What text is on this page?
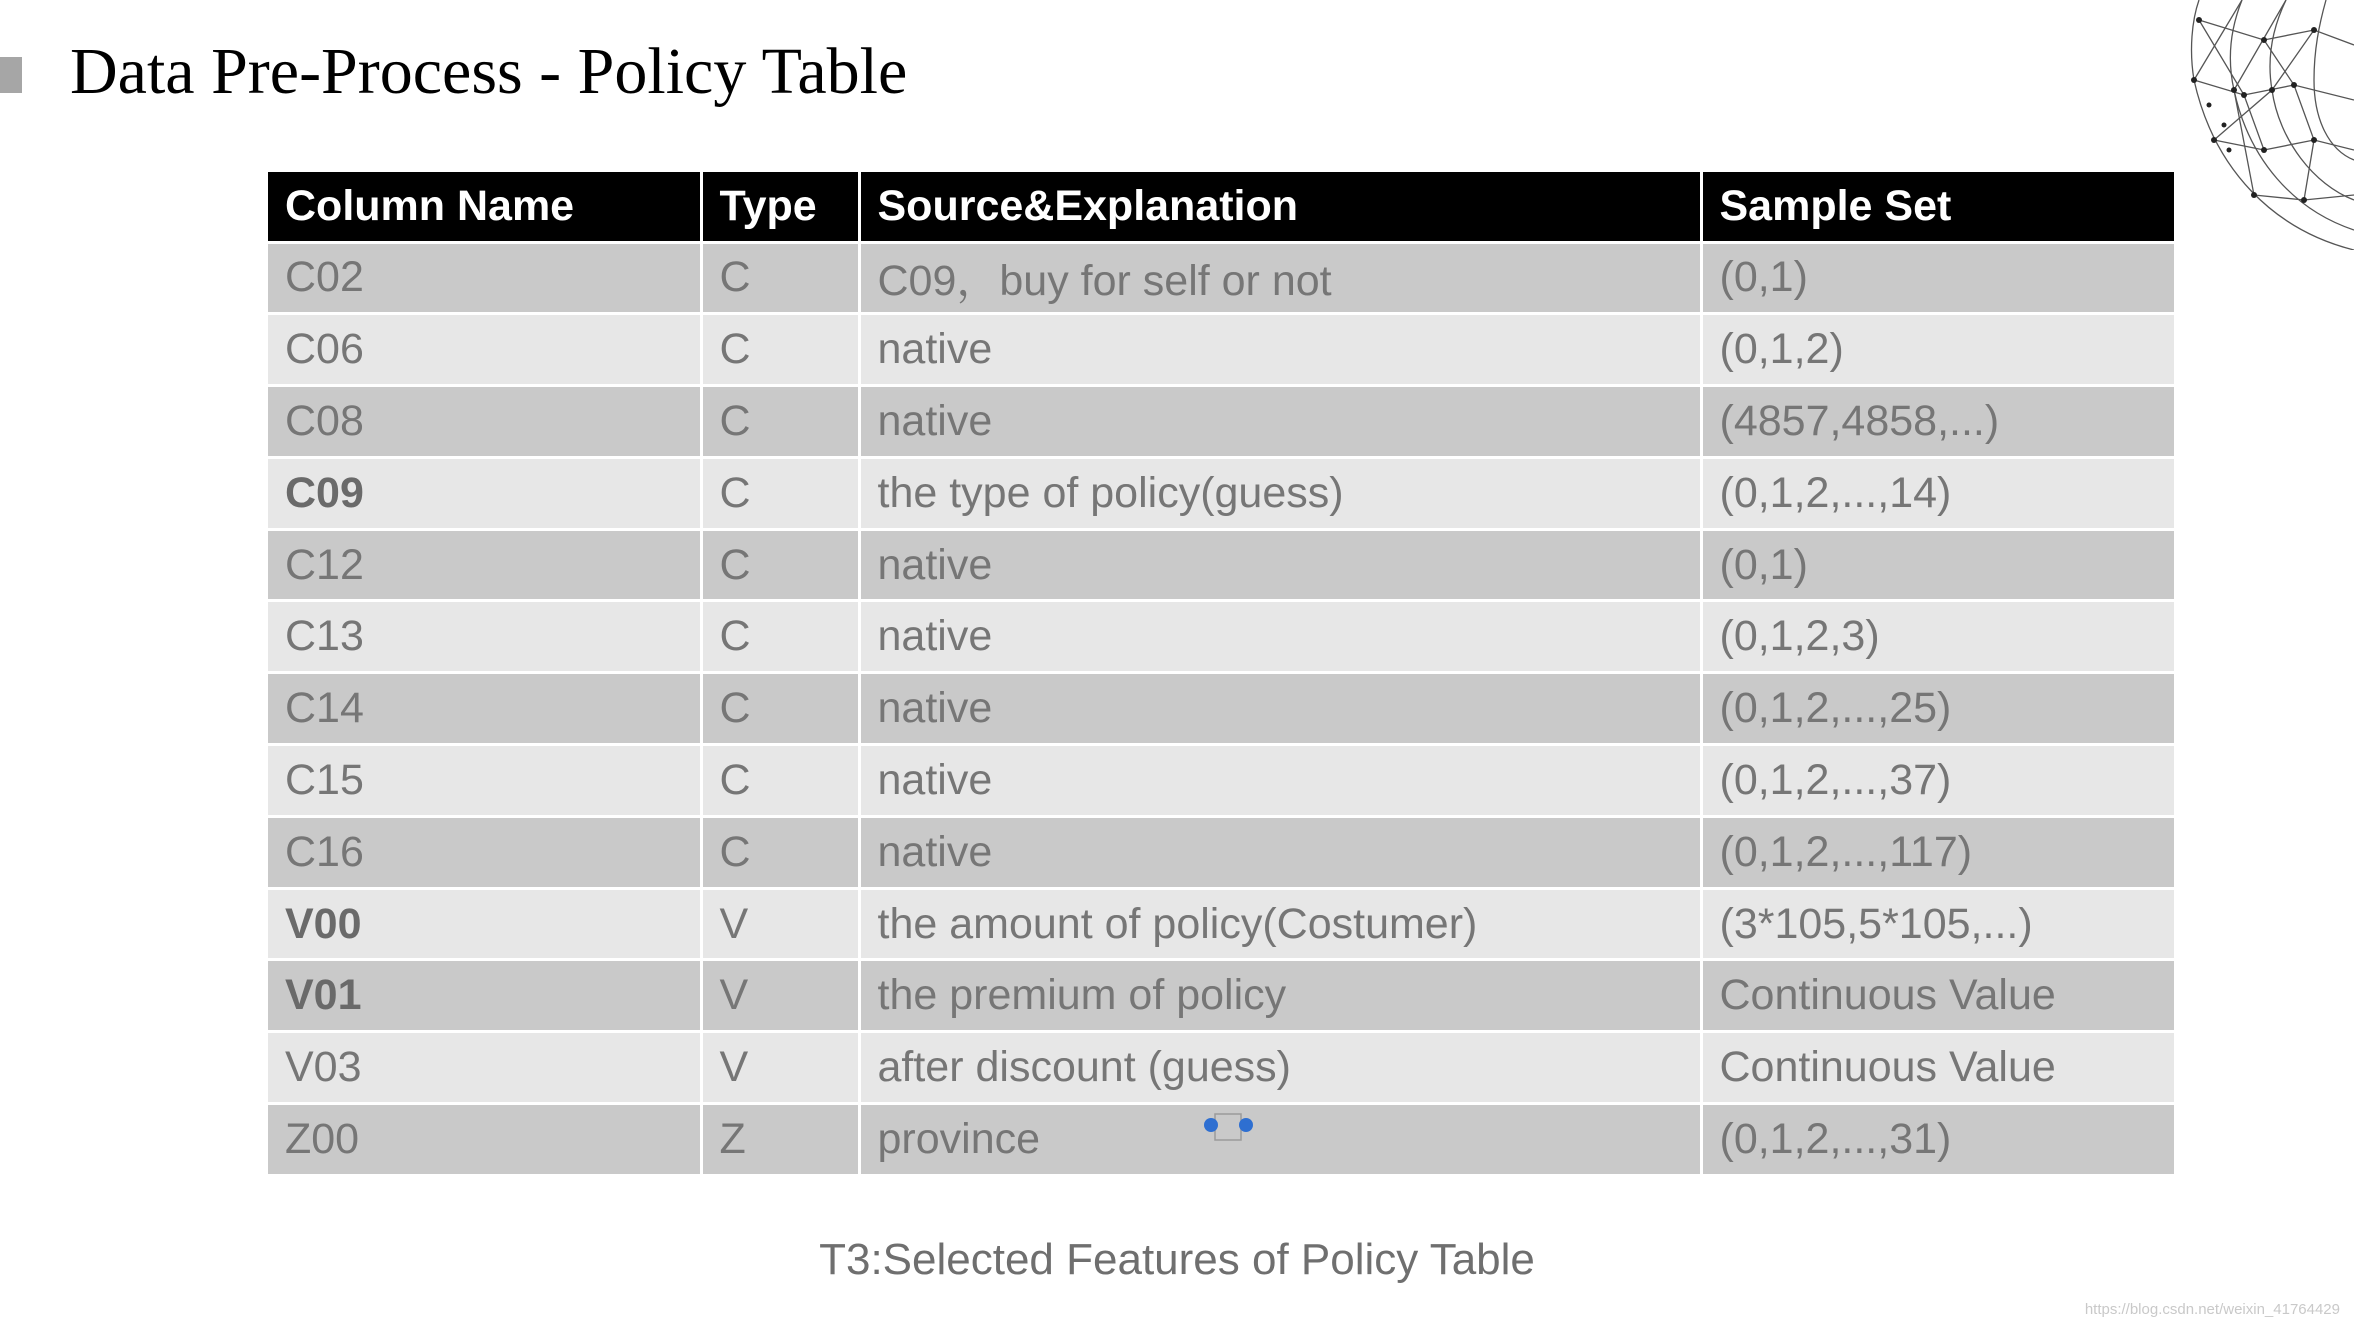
Data Pre-Process - Policy Table
Column Name	Type	Source&Explanation	Sample Set
C02	C	C09，buy for self or not	(0,1)
C06	C	native	(0,1,2)
C08	C	native	(4857,4858,...)
C09	C	the type of policy(guess)	(0,1,2,...,14)
C12	C	native	(0,1)
C13	C	native	(0,1,2,3)
C14	C	native	(0,1,2,...,25)
C15	C	native	(0,1,2,...,37)
C16	C	native	(0,1,2,...,117)
V00	V	the amount of policy(Costumer)	(3*105,5*105,...)
V01	V	the premium of policy	Continuous Value
V03	V	after discount (guess)	Continuous Value
Z00	Z	province	(0,1,2,...,31)
T3:Selected Features of Policy Table
https://blog.csdn.net/weixin_41764429
